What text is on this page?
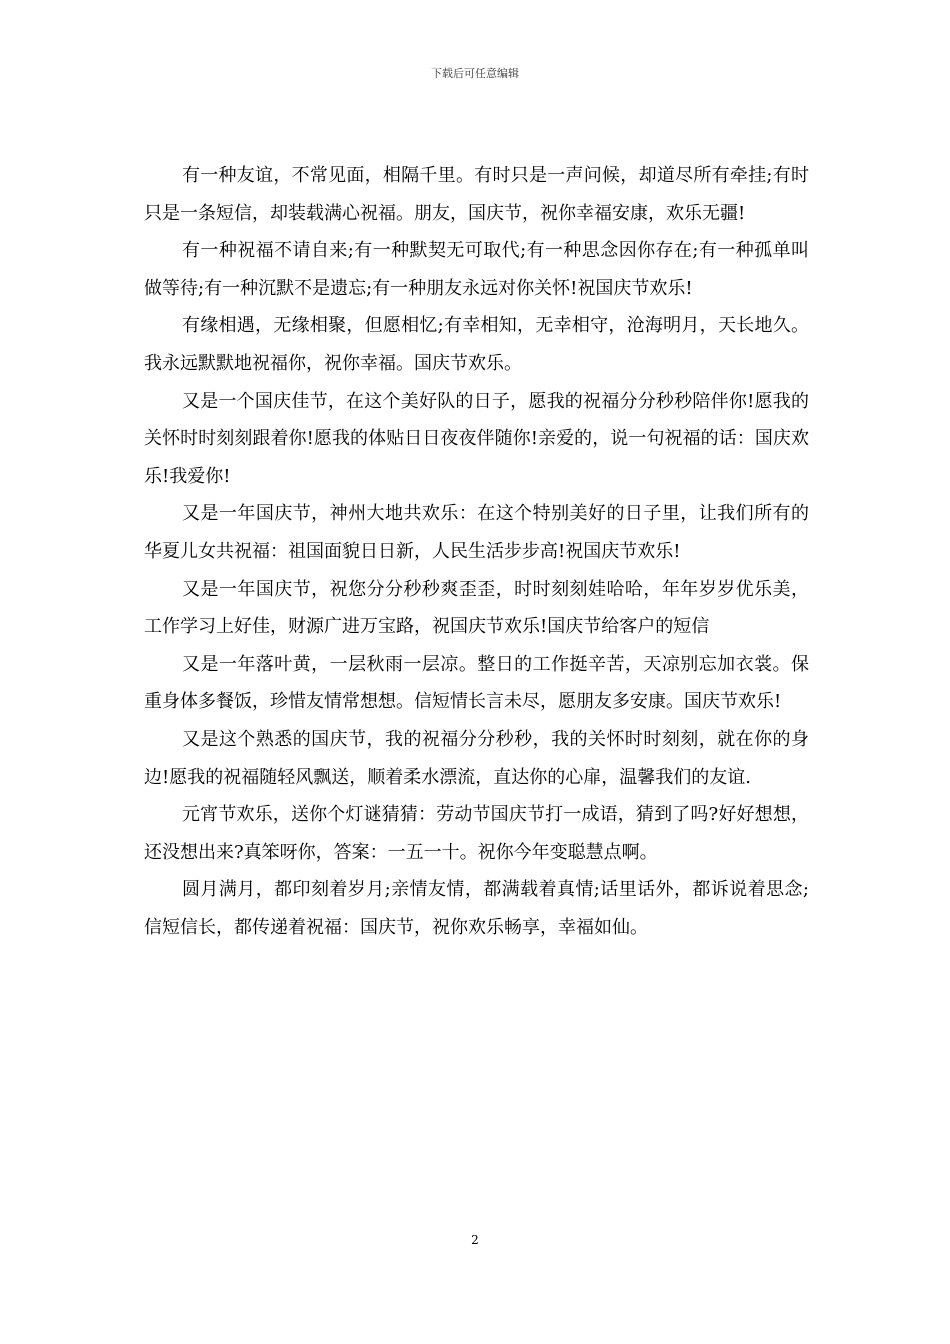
下载后可任意编辑

有一种友谊，不常见面，相隔千里。有时只是一声问候，却道尽所有牵挂;有时只是一条短信，却装载满心祝福。朋友，国庆节，祝你幸福安康，欢乐无疆!

有一种祝福不请自来;有一种默契无可取代;有一种思念因你存在;有一种孤单叫做等待;有一种沉默不是遗忘;有一种朋友永远对你关怀!祝国庆节欢乐!

有缘相遇，无缘相聚，但愿相忆;有幸相知，无幸相守，沧海明月，天长地久。我永远默默地祝福你，祝你幸福。国庆节欢乐。

又是一个国庆佳节，在这个美好队的日子，愿我的祝福分分秒秒陪伴你!愿我的关怀时时刻刻跟着你!愿我的体贴日日夜夜伴随你!亲爱的，说一句祝福的话：国庆欢乐!我爱你!

又是一年国庆节，神州大地共欢乐：在这个特别美好的日子里，让我们所有的华夏儿女共祝福：祖国面貌日日新，人民生活步步高!祝国庆节欢乐!

又是一年国庆节，祝您分分秒秒爽歪歪，时时刻刻娃哈哈，年年岁岁优乐美，工作学习上好佳，财源广进万宝路，祝国庆节欢乐!国庆节给客户的短信

又是一年落叶黄，一层秋雨一层凉。整日的工作挺辛苦，天凉别忘加衣裳。保重身体多餐饭，珍惜友情常想想。信短情长言未尽，愿朋友多安康。国庆节欢乐!

又是这个熟悉的国庆节，我的祝福分分秒秒，我的关怀时时刻刻，就在你的身边!愿我的祝福随轻风飘送，顺着柔水漂流，直达你的心扉，温馨我们的友谊.

元宵节欢乐，送你个灯谜猜猜：劳动节国庆节打一成语，猜到了吗?好好想想，还没想出来?真笨呀你，答案：一五一十。祝你今年变聪慧点啊。

圆月满月，都印刻着岁月;亲情友情，都满载着真情;话里话外，都诉说着思念;信短信长，都传递着祝福：国庆节，祝你欢乐畅享，幸福如仙。

2
